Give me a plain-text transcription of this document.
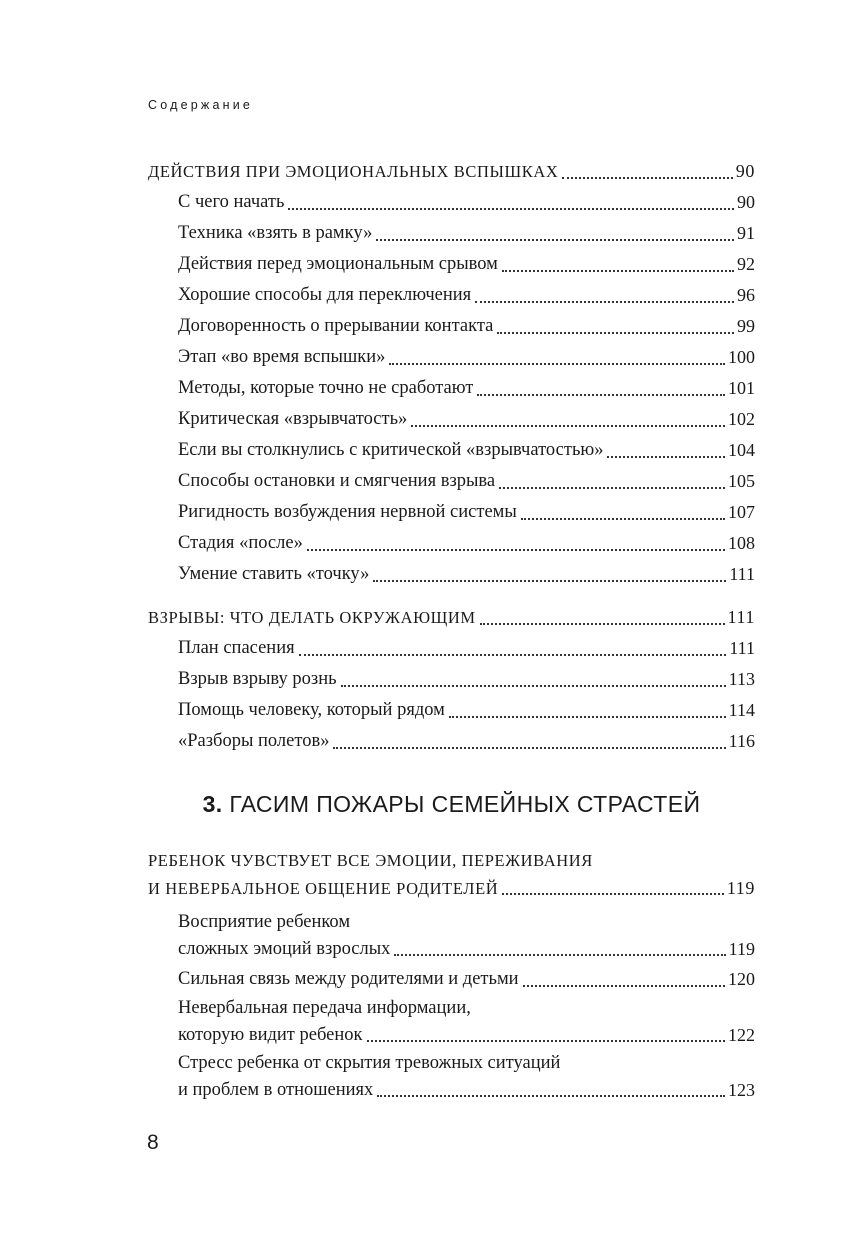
Содержание
ДЕЙСТВИЯ ПРИ ЭМОЦИОНАЛЬНЫХ ВСПЫШКАХ	90
С чего начать	90
Техника «взять в рамку»	91
Действия перед эмоциональным срывом	92
Хорошие способы для переключения	96
Договоренность о прерывании контакта	99
Этап «во время вспышки»	100
Методы, которые точно не сработают	101
Критическая «взрывчатость»	102
Если вы столкнулись с критической «взрывчатостью»	104
Способы остановки и смягчения взрыва	105
Ригидность возбуждения нервной системы	107
Стадия «после»	108
Умение ставить «точку»	111
ВЗРЫВЫ: ЧТО ДЕЛАТЬ ОКРУЖАЮЩИМ	111
План спасения	111
Взрыв взрыву рознь	113
Помощь человеку, который рядом	114
«Разборы полетов»	116
3. ГАСИМ ПОЖАРЫ СЕМЕЙНЫХ СТРАСТЕЙ
РЕБЕНОК ЧУВСТВУЕТ ВСЕ ЭМОЦИИ, ПЕРЕЖИВАНИЯ
И НЕВЕРБАЛЬНОЕ ОБЩЕНИЕ РОДИТЕЛЕЙ	119
Восприятие ребенком
сложных эмоций взрослых	119
Сильная связь между родителями и детьми	120
Невербальная передача информации,
которую видит ребенок	122
Стресс ребенка от скрытия тревожных ситуаций
и проблем в отношениях	123
8
